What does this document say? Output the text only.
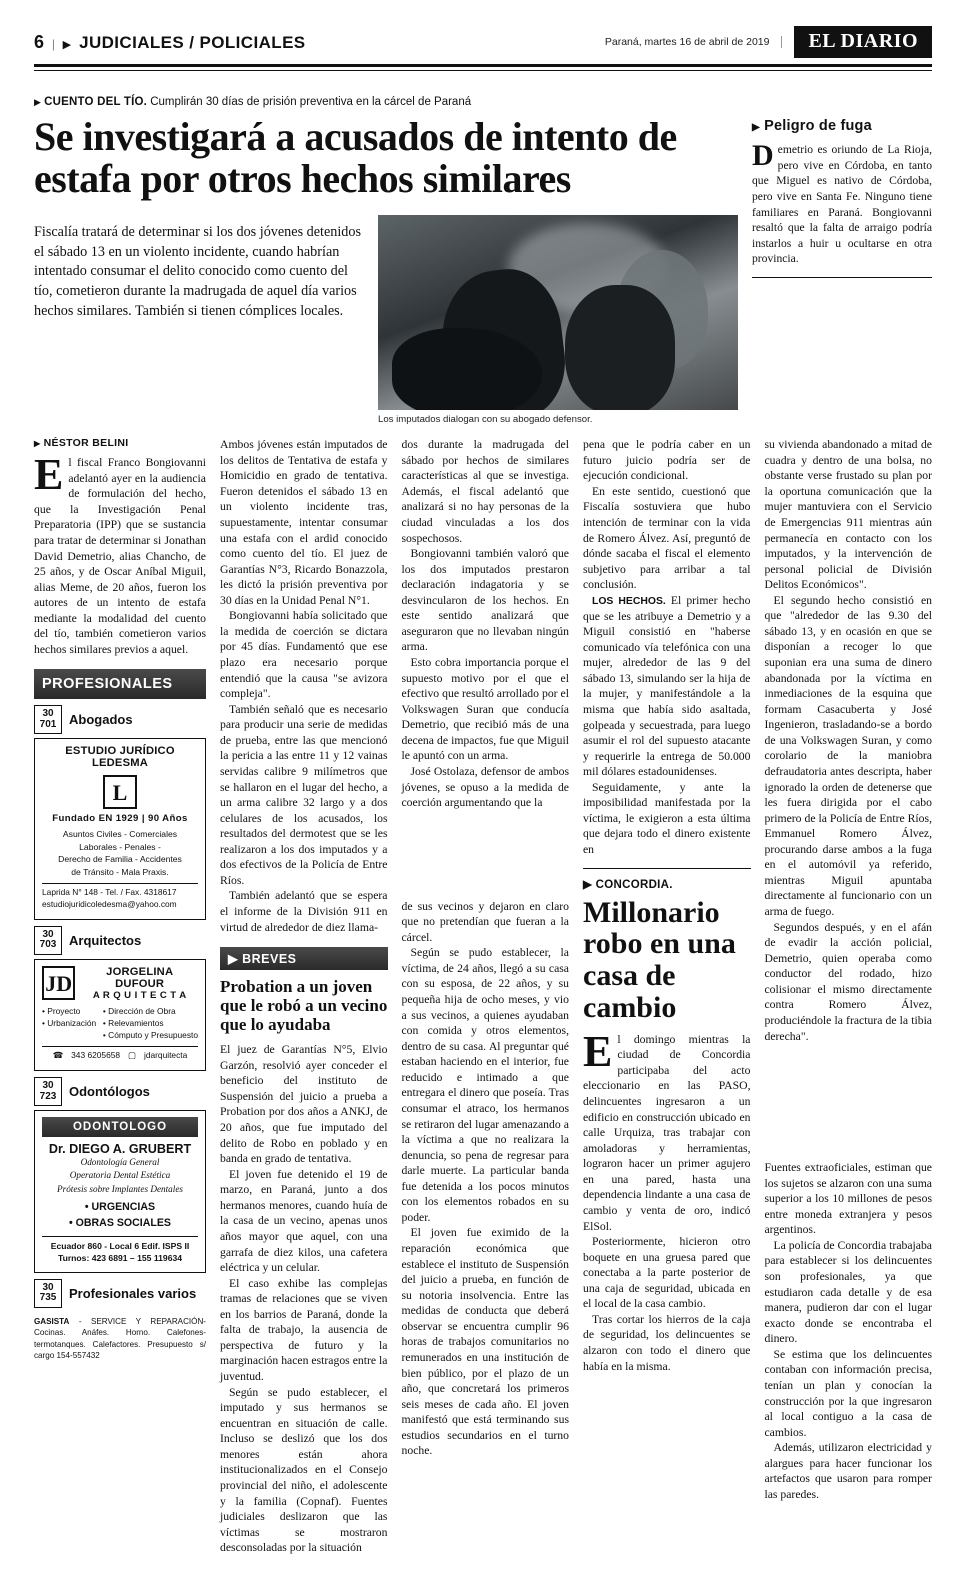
6 | ▶ JUDICIALES / POLICIALES	Paraná, martes 16 de abril de 2019	EL DIARIO
▶ CUENTO DEL TÍO. Cumplirán 30 días de prisión preventiva en la cárcel de Paraná
Se investigará a acusados de intento de estafa por otros hechos similares
Fiscalía tratará de determinar si los dos jóvenes detenidos el sábado 13 en un violento incidente, cuando habrían intentado consumar el delito conocido como cuento del tío, cometieron durante la madrugada de aquel día varios hechos similares. También si tienen cómplices locales.
Los imputados dialogan con su abogado defensor.
▶ Peligro de fuga
Demetrio es oriundo de La Rioja, pero vive en Córdoba, en tanto que Miguel es nativo de Córdoba, pero vive en Santa Fe. Ninguno tiene familiares en Paraná. Bongiovanni resaltó que la falta de arraigo podría instarlos a huir u ocultarse en otra provincia.
▶ NÉSTOR BELINI

El fiscal Franco Bongiovanni adelantó ayer en la audiencia de formulación del hecho, que la Investigación Penal Preparatoria (IPP) que se sustancia para tratar de determinar si Jonathan David Demetrio, alias Chancho, de 25 años, y de Oscar Aníbal Miguil, alias Meme, de 20 años, fueron los autores de un intento de estafa mediante la modalidad del cuento del tío, también cometieron varios hechos similares previos a aquel.

PROFESIONALES
30
701 Abogados
ESTUDIO JURÍDICO LEDESMA
L
Fundado EN 1929 | 90 Años
Asuntos Civiles - Comerciales
Laborales - Penales -
Derecho de Familia - Accidentes
de Tránsito - Mala Praxis.
Laprida N° 148 - Tel. / Fax. 4318617
estudiojuridicoledesma@yahoo.com
30
703 Arquitectos
JD	JORGELINA DUFOUR
A R Q U I T E C T A
• Proyecto
• Urbanización
• Dirección de Obra
• Relevamientos
• Cómputo y Presupuesto
☎ 343 6205658 ▢ jdarquitecta
30
723 Odontólogos
ODONTOLOGO
Dr. DIEGO A. GRUBERT
Odontología General
Operatoria Dental Estética
Prótesis sobre Implantes Dentales
• URGENCIAS
• OBRAS SOCIALES
Ecuador 860 - Local 6 Edif. ISPS II
Turnos: 423 6891 – 155 119634
30
735 Profesionales varios
GASISTA - SERVICE Y REPARACIÓN- Cocinas. Anáfes. Horno. Calefones-termotanques. Calefactores. Presupuesto s/ cargo 154-557432

Ambos jóvenes están imputados de los delitos de Tentativa de estafa y Homicidio en grado de tentativa. Fueron detenidos el sábado 13 en un violento incidente tras, supuestamente, intentar consumar una estafa con el ardid conocido como cuento del tío. El juez de Garantías N°3, Ricardo Bonazzola, les dictó la prisión preventiva por 30 días en la Unidad Penal N°1.

Bongiovanni había solicitado que la medida de coerción se dictara por 45 días. Fundamentó que ese plazo era necesario porque entendió que la causa "se avizora compleja".

También señaló que es necesario para producir una serie de medidas de prueba, entre las que mencionó la pericia a las entre 11 y 12 vainas servidas calibre 9 milímetros que se hallaron en el lugar del hecho, a un arma calibre 32 largo y a dos celulares de los acusados, los resultados del dermotest que se les realizaron a los dos imputados y a dos efectivos de la Policía de Entre Ríos.

También adelantó que se espera el informe de la División 911 en virtud de alrededor de diez llama-

▶ BREVES
Probation a un joven que le robó a un vecino que lo ayudaba

El juez de Garantías N°5, Elvio Garzón, resolvió ayer conceder el beneficio del instituto de Suspensión del juicio a prueba a Probation por dos años a ANKJ, de 20 años, que fue imputado del delito de Robo en poblado y en banda en grado de tentativa.

El joven fue detenido el 19 de marzo, en Paraná, junto a dos hermanos menores, cuando huía de la casa de un vecino, apenas unos años mayor que aquel, con una garrafa de diez kilos, una cafetera eléctrica y un celular.

El caso exhibe las complejas tramas de relaciones que se viven en los barrios de Paraná, donde la falta de trabajo, la ausencia de perspectiva de futuro y la marginación hacen estragos entre la juventud.

Según se pudo establecer, el imputado y sus hermanos se encuentran en situación de calle. Incluso se deslizó que los dos menores están ahora institucionalizados en el Consejo provincial del niño, el adolescente y la familia (Copnaf). Fuentes judiciales deslizaron que las víctimas se mostraron desconsoladas por la situación

dos durante la madrugada del sábado por hechos de similares características al que se investiga. Además, el fiscal adelantó que analizará si no hay personas de la ciudad vinculadas a los dos sospechosos.

Bongiovanni también valoró que los dos imputados prestaron declaración indagatoria y se desvincularon de los hechos. En este sentido analizará que aseguraron que no llevaban ningún arma.

Esto cobra importancia porque el supuesto motivo por el que el efectivo que resultó arrollado por el Volkswagen Suran que conducía Demetrio, que recibió más de una decena de impactos, fue que Miguil le apuntó con un arma.

José Ostolaza, defensor de ambos jóvenes, se opuso a la medida de coerción argumentando que la

de sus vecinos y dejaron en claro que no pretendían que fueran a la cárcel.

Según se pudo establecer, la víctima, de 24 años, llegó a su casa con su esposa, de 22 años, y su pequeña hija de ocho meses, y vio a sus vecinos, a quienes ayudaban con comida y otros elementos, dentro de su casa. Al preguntar qué estaban haciendo en el interior, fue reducido e intimado a que entregara el dinero que poseía. Tras consumar el atraco, los hermanos se retiraron del lugar amenazando a la víctima a que no realizara la denuncia, so pena de regresar para darle muerte. La particular banda fue detenida a los pocos minutos con los elementos robados en su poder.

El joven fue eximido de la reparación económica que establece el instituto de Suspensión del juicio a prueba, en función de su notoria insolvencia. Entre las medidas de conducta que deberá observar se encuentra cumplir 96 horas de trabajos comunitarios no remunerados en una institución de bien público, por el plazo de un año, que concretará los primeros seis meses de cada año. El joven manifestó que está terminando sus estudios secundarios en el turno noche.

pena que le podría caber en un futuro juicio podría ser de ejecución condicional.

En este sentido, cuestionó que Fiscalía sostuviera que hubo intención de terminar con la vida de Romero Álvez. Así, preguntó de dónde sacaba el fiscal el elemento subjetivo para arribar a tal conclusión.

LOS HECHOS. El primer hecho que se les atribuye a Demetrio y a Miguil consistió en "haberse comunicado vía telefónica con una mujer, alrededor de las 9 del sábado 13, simulando ser la hija de la mujer, y manifestándole a la misma que había sido asaltada, golpeada y secuestrada, para luego asumir el rol del supuesto atacante y requerirle la entrega de 50.000 mil dólares estadounidenses.

Seguidamente, y ante la imposibilidad manifestada por la víctima, le exigieron a esta última que dejara todo el dinero existente en

▶ CONCORDIA.
Millonario robo en una casa de cambio

El domingo mientras la ciudad de Concordia participaba del acto eleccionario en las PASO, delincuentes ingresaron a un edificio en construcción ubicado en calle Urquiza, tras trabajar con amoladoras y herramientas, lograron hacer un primer agujero en una pared, hasta una dependencia lindante a una casa de cambio y venta de oro, indicó ElSol.

Posteriormente, hicieron otro boquete en una gruesa pared que conectaba a la parte posterior de una caja de seguridad, ubicada en el local de la casa cambio.

Tras cortar los hierros de la caja de seguridad, los delincuentes se alzaron con todo el dinero que había en la misma.

su vivienda abandonado a mitad de cuadra y dentro de una bolsa, no obstante verse frustado su plan por la oportuna comunicación que la mujer mantuviera con el Servicio de Emergencias 911 mientras aún permanecía en contacto con los imputados, y la intervención de personal policial de División Delitos Económicos".

El segundo hecho consistió en que "alrededor de las 9.30 del sábado 13, y en ocasión en que se disponían a recoger lo que suponian era una suma de dinero abandonada por la víctima en inmediaciones de la esquina que formam Casacuberta y José Ingenieron, trasladando-se a bordo de una Volkswagen Suran, y como corolario de la maniobra defraudatoria antes descripta, haber ignorado la orden de detenerse que les fuera dirigida por el cabo primero de la Policía de Entre Ríos, Emmanuel Romero Álvez, procurando darse ambos a la fuga en el automóvil ya referido, mientras Miguil apuntaba directamente al funcionario con un arma de fuego.

Segundos después, y en el afán de evadir la acción policial, Demetrio, quien operaba como conductor del rodado, hizo colisionar el mismo directamente contra Romero Álvez, produciéndole la fractura de la tibia derecha".

Fuentes extraoficiales, estiman que los sujetos se alzaron con una suma superior a los 10 millones de pesos entre moneda extranjera y pesos argentinos.

La policía de Concordia trabajaba para establecer si los delincuentes son profesionales, ya que estudiaron cada detalle y de esa manera, pudieron dar con el lugar exacto donde se encontraba el dinero.

Se estima que los delincuentes contaban con información precisa, tenían un plan y conocían la construcción por la que ingresaron al local contiguo a la casa de cambios.

Además, utilizaron electricidad y alargues para hacer funcionar los artefactos que usaron para romper las paredes.
